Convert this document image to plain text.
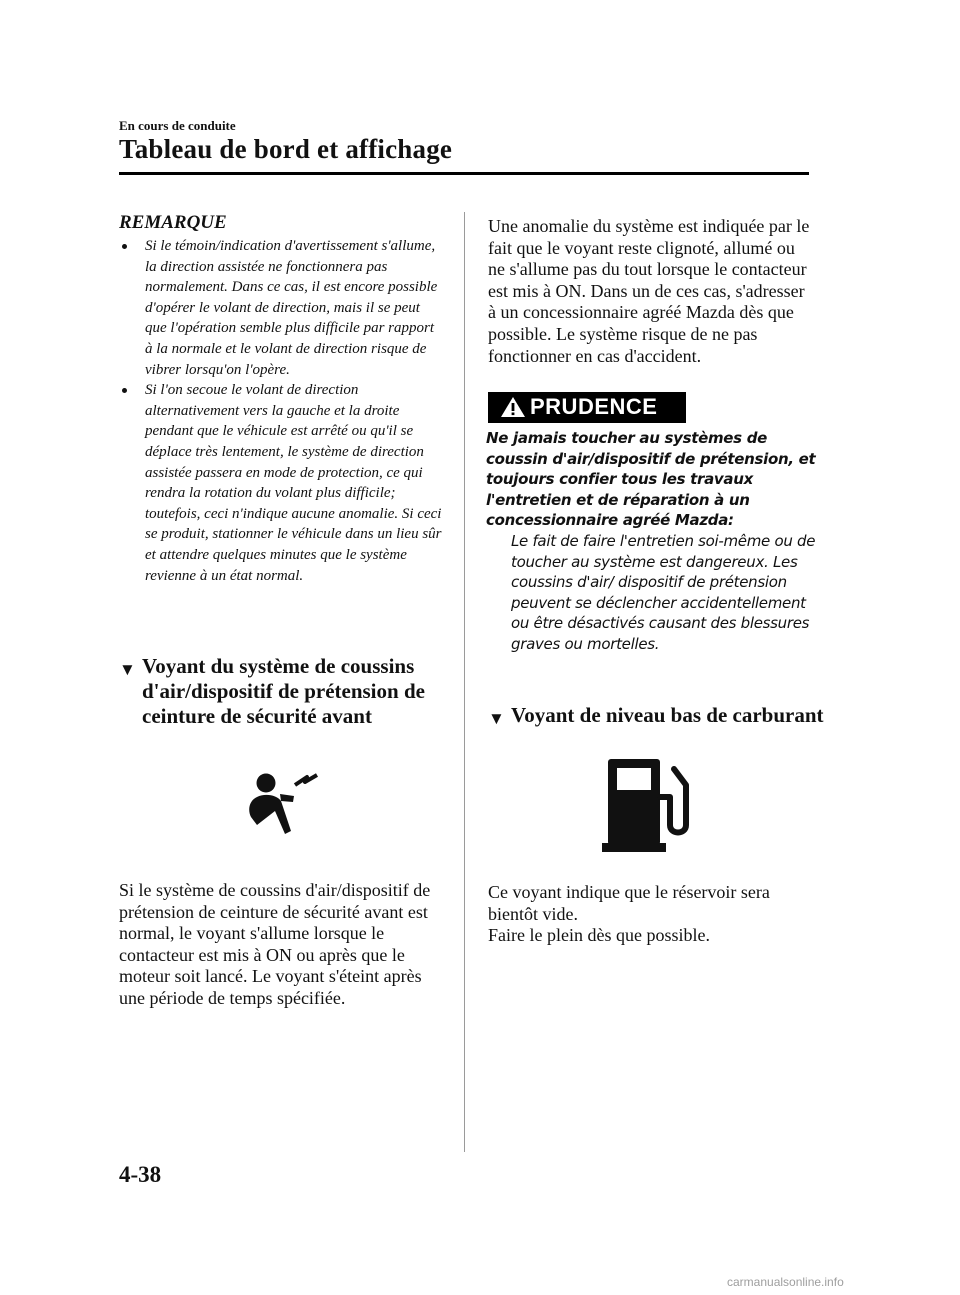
En cours de conduite
Tableau de bord et affichage
REMARQUE
Si le témoin/indication d'avertissement s'allume, la direction assistée ne fonctionnera pas normalement. Dans ce cas, il est encore possible d'opérer le volant de direction, mais il se peut que l'opération semble plus difficile par rapport à la normale et le volant de direction risque de vibrer lorsqu'on l'opère.
Si l'on secoue le volant de direction alternativement vers la gauche et la droite pendant que le véhicule est arrêté ou qu'il se déplace très lentement, le système de direction assistée passera en mode de protection, ce qui rendra la rotation du volant plus difficile; toutefois, ceci n'indique aucune anomalie. Si ceci se produit, stationner le véhicule dans un lieu sûr et attendre quelques minutes que le système revienne à un état normal.
▼ Voyant du système de coussins d'air/dispositif de prétension de ceinture de sécurité avant
Si le système de coussins d'air/dispositif de prétension de ceinture de sécurité avant est normal, le voyant s'allume lorsque le contacteur est mis à ON ou après que le moteur soit lancé. Le voyant s'éteint après une période de temps spécifiée.
Une anomalie du système est indiquée par le fait que le voyant reste clignoté, allumé ou ne s'allume pas du tout lorsque le contacteur est mis à ON. Dans un de ces cas, s'adresser à un concessionnaire agréé Mazda dès que possible. Le système risque de ne pas fonctionner en cas d'accident.
PRUDENCE
Ne jamais toucher au systèmes de coussin d'air/dispositif de prétension, et toujours confier tous les travaux l'entretien et de réparation à un concessionnaire agréé Mazda:
Le fait de faire l'entretien soi-même ou de toucher au système est dangereux. Les coussins d'air/ dispositif de prétension peuvent se déclencher accidentellement ou être désactivés causant des blessures graves ou mortelles.
▼ Voyant de niveau bas de carburant
Ce voyant indique que le réservoir sera bientôt vide.
Faire le plein dès que possible.
4-38
carmanualsonline.info
